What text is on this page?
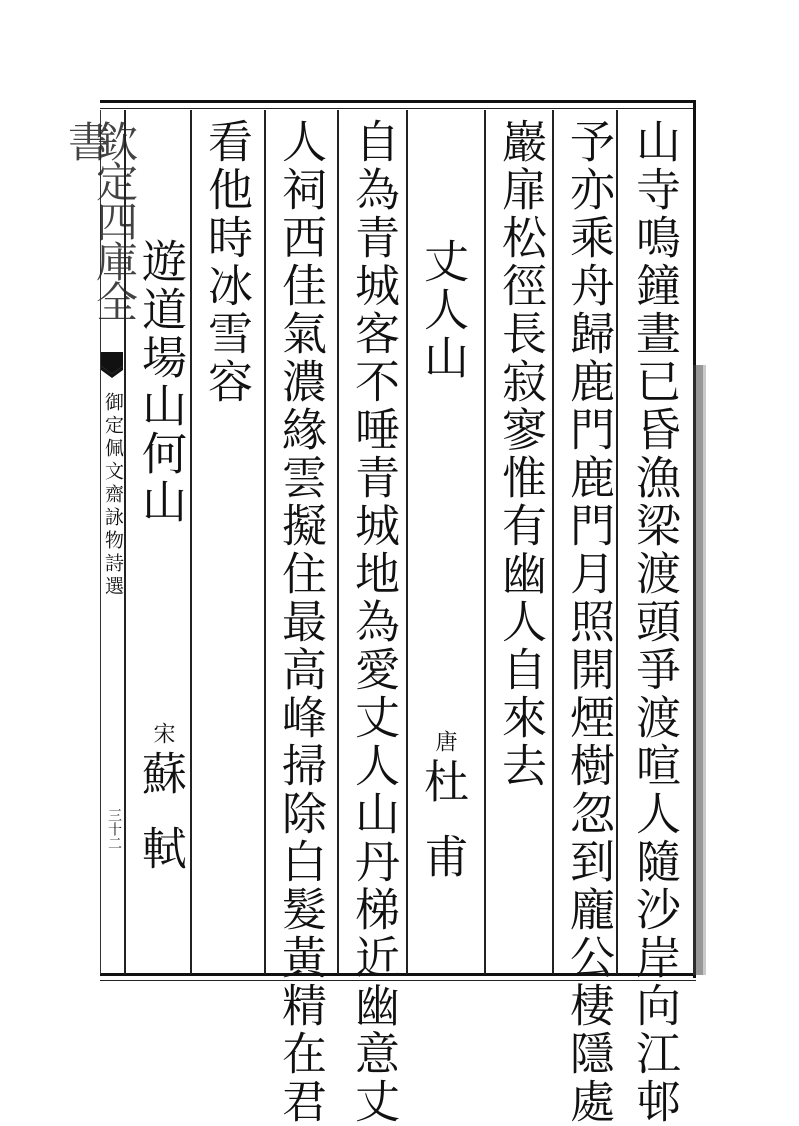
欽定四庫全書
御定佩文齋詠物詩選
三十二	山寺鳴鐘晝已昏漁梁渡頭爭渡喧人隨沙岸向江邨
予亦乘舟歸鹿門鹿門月照開煙樹忽到龐公棲隱處
巖扉松徑長寂寥惟有幽人自來去
丈人山
唐
杜甫
自為青城客不唾青城地為愛丈人山丹梯近幽意丈
人祠西佳氣濃緣雲擬住最高峰掃除白髮黃精在君
看他時冰雪容
遊道場山何山
宋
蘇軾
